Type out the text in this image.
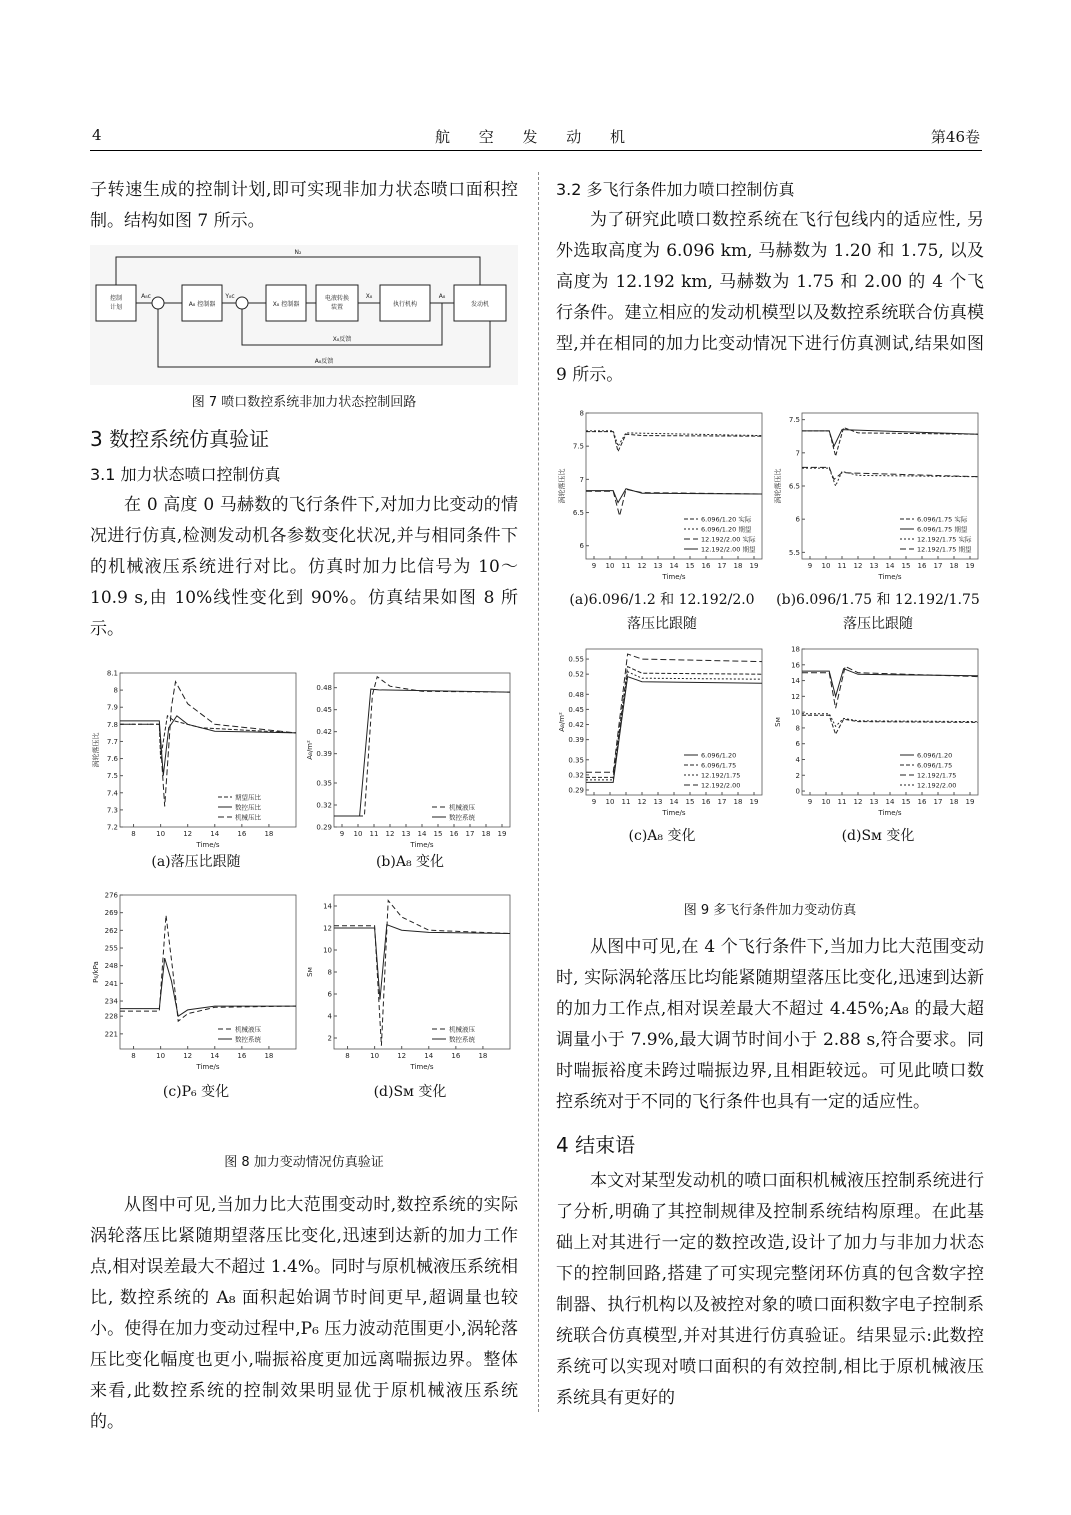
4	航 空 发 动 机	第46卷

子转速生成的控制计划,即可实现非加力状态喷口面积控制。结构如图 7 所示。

控制
计划	A₈ 控制器	X₈ 控制器
电液转换
装置	执行机构	发动机
N₂
A₈c	Y₈c	X₈	A₈
X₈反馈
A₈反馈
图 7 喷口数控系统非加力状态控制回路
3 数控系统仿真验证
3.1 加力状态喷口控制仿真

在 0 高度 0 马赫数的飞行条件下,对加力比变动的情况进行仿真,检测发动机各参数变化状况,并与相同条件下的机械液压系统进行对比。仿真时加力比信号为 10～10.9 s,由 10%线性变化到 90%。仿真结果如图 8 所示。

8	10	12	14	16	18
7.2
7.3
7.4
7.5
7.6
7.7
7.8
7.9
8
8.1
Time/s
涡轮落压比
期望压比
数控压比
机械压比
9 10 11 12 13 14 15 16 17 18 19
0.29
0.32
0.35
0.39
0.42
0.45
0.48
Time/s
A₈/m²
机械液压
数控系统
(a)落压比跟随	(b)A₈ 变化
8	10	12	14	16	18
221
228
234
241
248
255
262
269
276
Time/s
P₆/kPa
机械液压
数控系统
8	10	12	14	16	18
2
4
6
8
10
12
14
Time/s
Sᴍ
机械液压
数控系统
(c)P₆ 变化	(d)Sᴍ 变化
图 8 加力变动情况仿真验证

从图中可见,当加力比大范围变动时,数控系统的实际涡轮落压比紧随期望落压比变化,迅速到达新的加力工作点,相对误差最大不超过 1.4%。同时与原机械液压系统相比, 数控系统的 A₈ 面积起始调节时间更早,超调量也较小。使得在加力变动过程中,P₆ 压力波动范围更小,涡轮落压比变化幅度也更小,喘振裕度更加远离喘振边界。整体来看,此数控系统的控制效果明显优于原机械液压系统的。

3.2 多飞行条件加力喷口控制仿真

为了研究此喷口数控系统在飞行包线内的适应性, 另外选取高度为 6.096 km, 马赫数为 1.20 和 1.75, 以及高度为 12.192 km, 马赫数为 1.75 和 2.00 的 4 个飞行条件。建立相应的发动机模型以及数控系统联合仿真模型,并在相同的加力比变动情况下进行仿真测试,结果如图 9 所示。

9 10 11 12 13 14 15 16 17 18 19
6
6.5
7
7.5
8
Time/s
涡轮落压比
6.096/1.20 实际
6.096/1.20 期望
12.192/2.00 实际
12.192/2.00 期望
9 10 11 12 13 14 15 16 17 18 19
5.5
6
6.5
7
7.5
Time/s
涡轮落压比
6.096/1.75 实际
6.096/1.75 期望
12.192/1.75 实际
12.192/1.75 期望
(a)6.096/1.2 和 12.192/2.0
落压比跟随
(b)6.096/1.75 和 12.192/1.75
落压比跟随
9 10 11 12 13 14 15 16 17 18 19
0.29
0.32
0.35
0.39
0.42
0.45
0.48
0.52
0.55
Time/s
A₈/m²
6.096/1.20
6.096/1.75
12.192/1.75
12.192/2.00
9 10 11 12 13 14 15 16 17 18 19
0
2
4
6
8
10
12
14
16
18
Time/s
Sᴍ
6.096/1.20
6.096/1.75
12.192/1.75
12.192/2.00
(c)A₈ 变化	(d)Sᴍ 变化
图 9 多飞行条件加力变动仿真

从图中可见,在 4 个飞行条件下,当加力比大范围变动时, 实际涡轮落压比均能紧随期望落压比变化,迅速到达新的加力工作点,相对误差最大不超过 4.45%;A₈ 的最大超调量小于 7.9%,最大调节时间小于 2.88 s,符合要求。同时喘振裕度未跨过喘振边界,且相距较远。可见此喷口数控系统对于不同的飞行条件也具有一定的适应性。

4 结束语

本文对某型发动机的喷口面积机械液压控制系统进行了分析,明确了其控制规律及控制系统结构原理。在此基础上对其进行一定的数控改造,设计了加力与非加力状态下的控制回路,搭建了可实现完整闭环仿真的包含数字控制器、执行机构以及被控对象的喷口面积数字电子控制系统联合仿真模型,并对其进行仿真验证。结果显示:此数控系统可以实现对喷口面积的有效控制,相比于原机械液压系统具有更好的
